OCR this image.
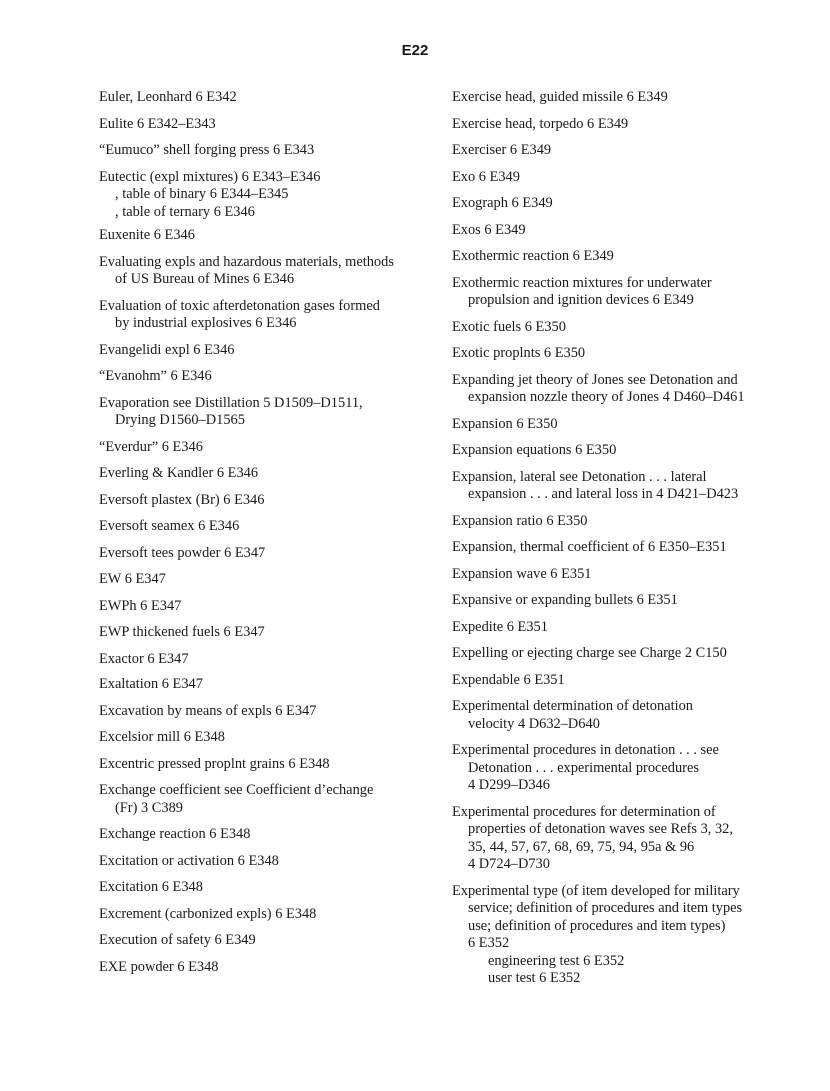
E22
Euler, Leonhard 6 E342
Eulite 6 E342–E343
“Eumuco” shell forging press 6 E343
Eutectic (expl mixtures) 6 E343–E346
, table of binary 6 E344–E345
, table of ternary 6 E346
Euxenite 6 E346
Evaluating expls and hazardous materials, methods
of US Bureau of Mines 6 E346
Evaluation of toxic afterdetonation gases formed
by industrial explosives 6 E346
Evangelidi expl 6 E346
“Evanohm” 6 E346
Evaporation see Distillation 5 D1509–D1511,
Drying D1560–D1565
“Everdur” 6 E346
Everling & Kandler 6 E346
Eversoft plastex (Br) 6 E346
Eversoft seamex 6 E346
Eversoft tees powder 6 E347
EW 6 E347
EWPh 6 E347
EWP thickened fuels 6 E347
Exactor 6 E347
Exaltation 6 E347
Excavation by means of expls 6 E347
Excelsior mill 6 E348
Excentric pressed proplnt grains 6 E348
Exchange coefficient see Coefficient d’echange
(Fr) 3 C389
Exchange reaction 6 E348
Excitation or activation 6 E348
Excitation 6 E348
Excrement (carbonized expls) 6 E348
Execution of safety 6 E349
EXE powder 6 E348
Exercise head, guided missile 6 E349
Exercise head, torpedo 6 E349
Exerciser 6 E349
Exo 6 E349
Exograph 6 E349
Exos 6 E349
Exothermic reaction 6 E349
Exothermic reaction mixtures for underwater
propulsion and ignition devices 6 E349
Exotic fuels 6 E350
Exotic proplnts 6 E350
Expanding jet theory of Jones see Detonation and
expansion nozzle theory of Jones 4 D460–D461
Expansion 6 E350
Expansion equations 6 E350
Expansion, lateral see Detonation . . . lateral
expansion . . . and lateral loss in 4 D421–D423
Expansion ratio 6 E350
Expansion, thermal coefficient of 6 E350–E351
Expansion wave 6 E351
Expansive or expanding bullets 6 E351
Expedite 6 E351
Expelling or ejecting charge see Charge 2 C150
Expendable 6 E351
Experimental determination of detonation
velocity 4 D632–D640
Experimental procedures in detonation . . . see
Detonation . . . experimental procedures
4 D299–D346
Experimental procedures for determination of
properties of detonation waves see Refs 3, 32,
35, 44, 57, 67, 68, 69, 75, 94, 95a & 96
4 D724–D730
Experimental type (of item developed for military
service; definition of procedures and item types
use; definition of procedures and item types)
6 E352
engineering test 6 E352
user test 6 E352
